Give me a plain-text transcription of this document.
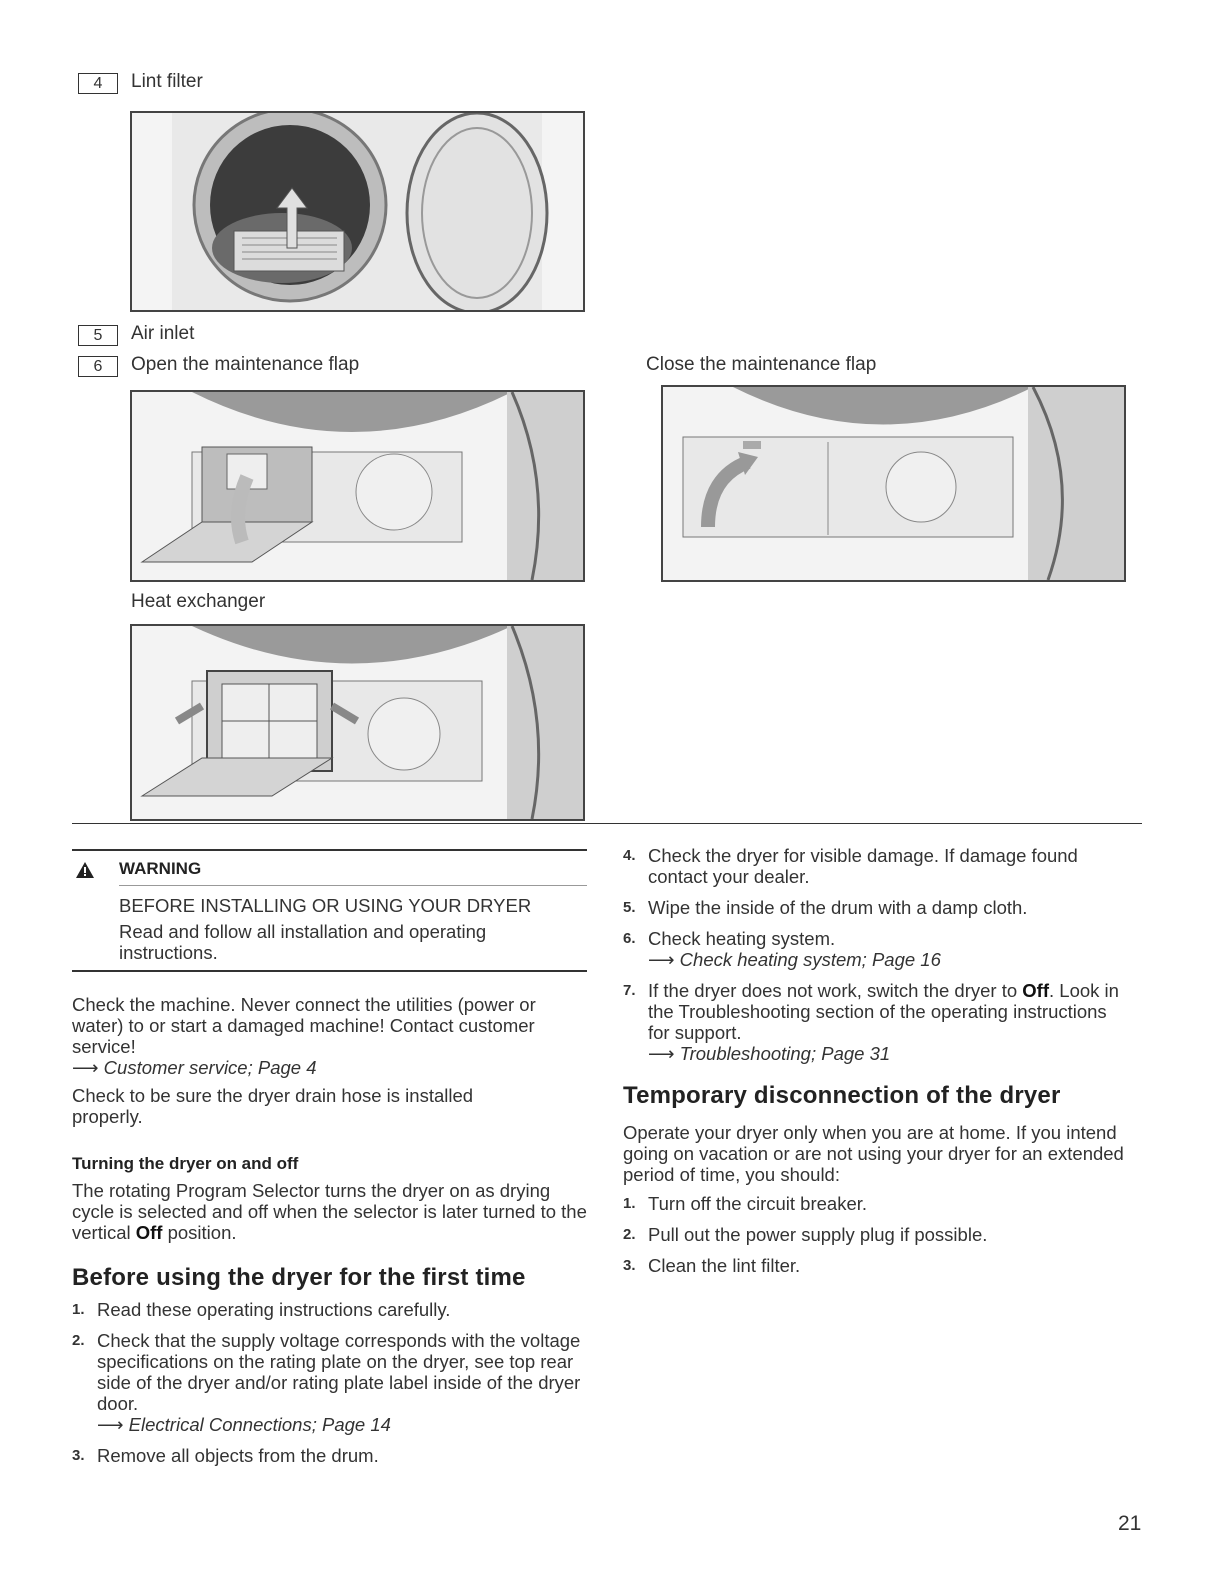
4	Lint filter
5	Air inlet
6	Open the maintenance flap	Close the maintenance flap
Heat exchanger
WARNING
BEFORE INSTALLING OR USING YOUR DRYER
Read and follow all installation and operating instructions.
Check the machine. Never connect the utilities (power or water) to or start a damaged machine! Contact customer service!
⟶ Customer service; Page 4
Check to be sure the dryer drain hose is installed properly.
Turning the dryer on and off
The rotating Program Selector turns the dryer on as drying cycle is selected and off when the selector is later turned to the vertical Off position.
Before using the dryer for the first time
1. Read these operating instructions carefully.
2. Check that the supply voltage corresponds with the voltage specifications on the rating plate on the dryer, see top rear side of the dryer and/or rating plate label inside of the dryer door.
⟶ Electrical Connections; Page 14
3. Remove all objects from the drum.
4. Check the dryer for visible damage. If damage found contact your dealer.
5. Wipe the inside of the drum with a damp cloth.
6. Check heating system.
⟶ Check heating system; Page 16
7. If the dryer does not work, switch the dryer to Off. Look in the Troubleshooting section of the operating instructions for support.
⟶ Troubleshooting; Page 31
Temporary disconnection of the dryer
Operate your dryer only when you are at home. If you intend going on vacation or are not using your dryer for an extended period of time, you should:
1. Turn off the circuit breaker.
2. Pull out the power supply plug if possible.
3. Clean the lint filter.
21
